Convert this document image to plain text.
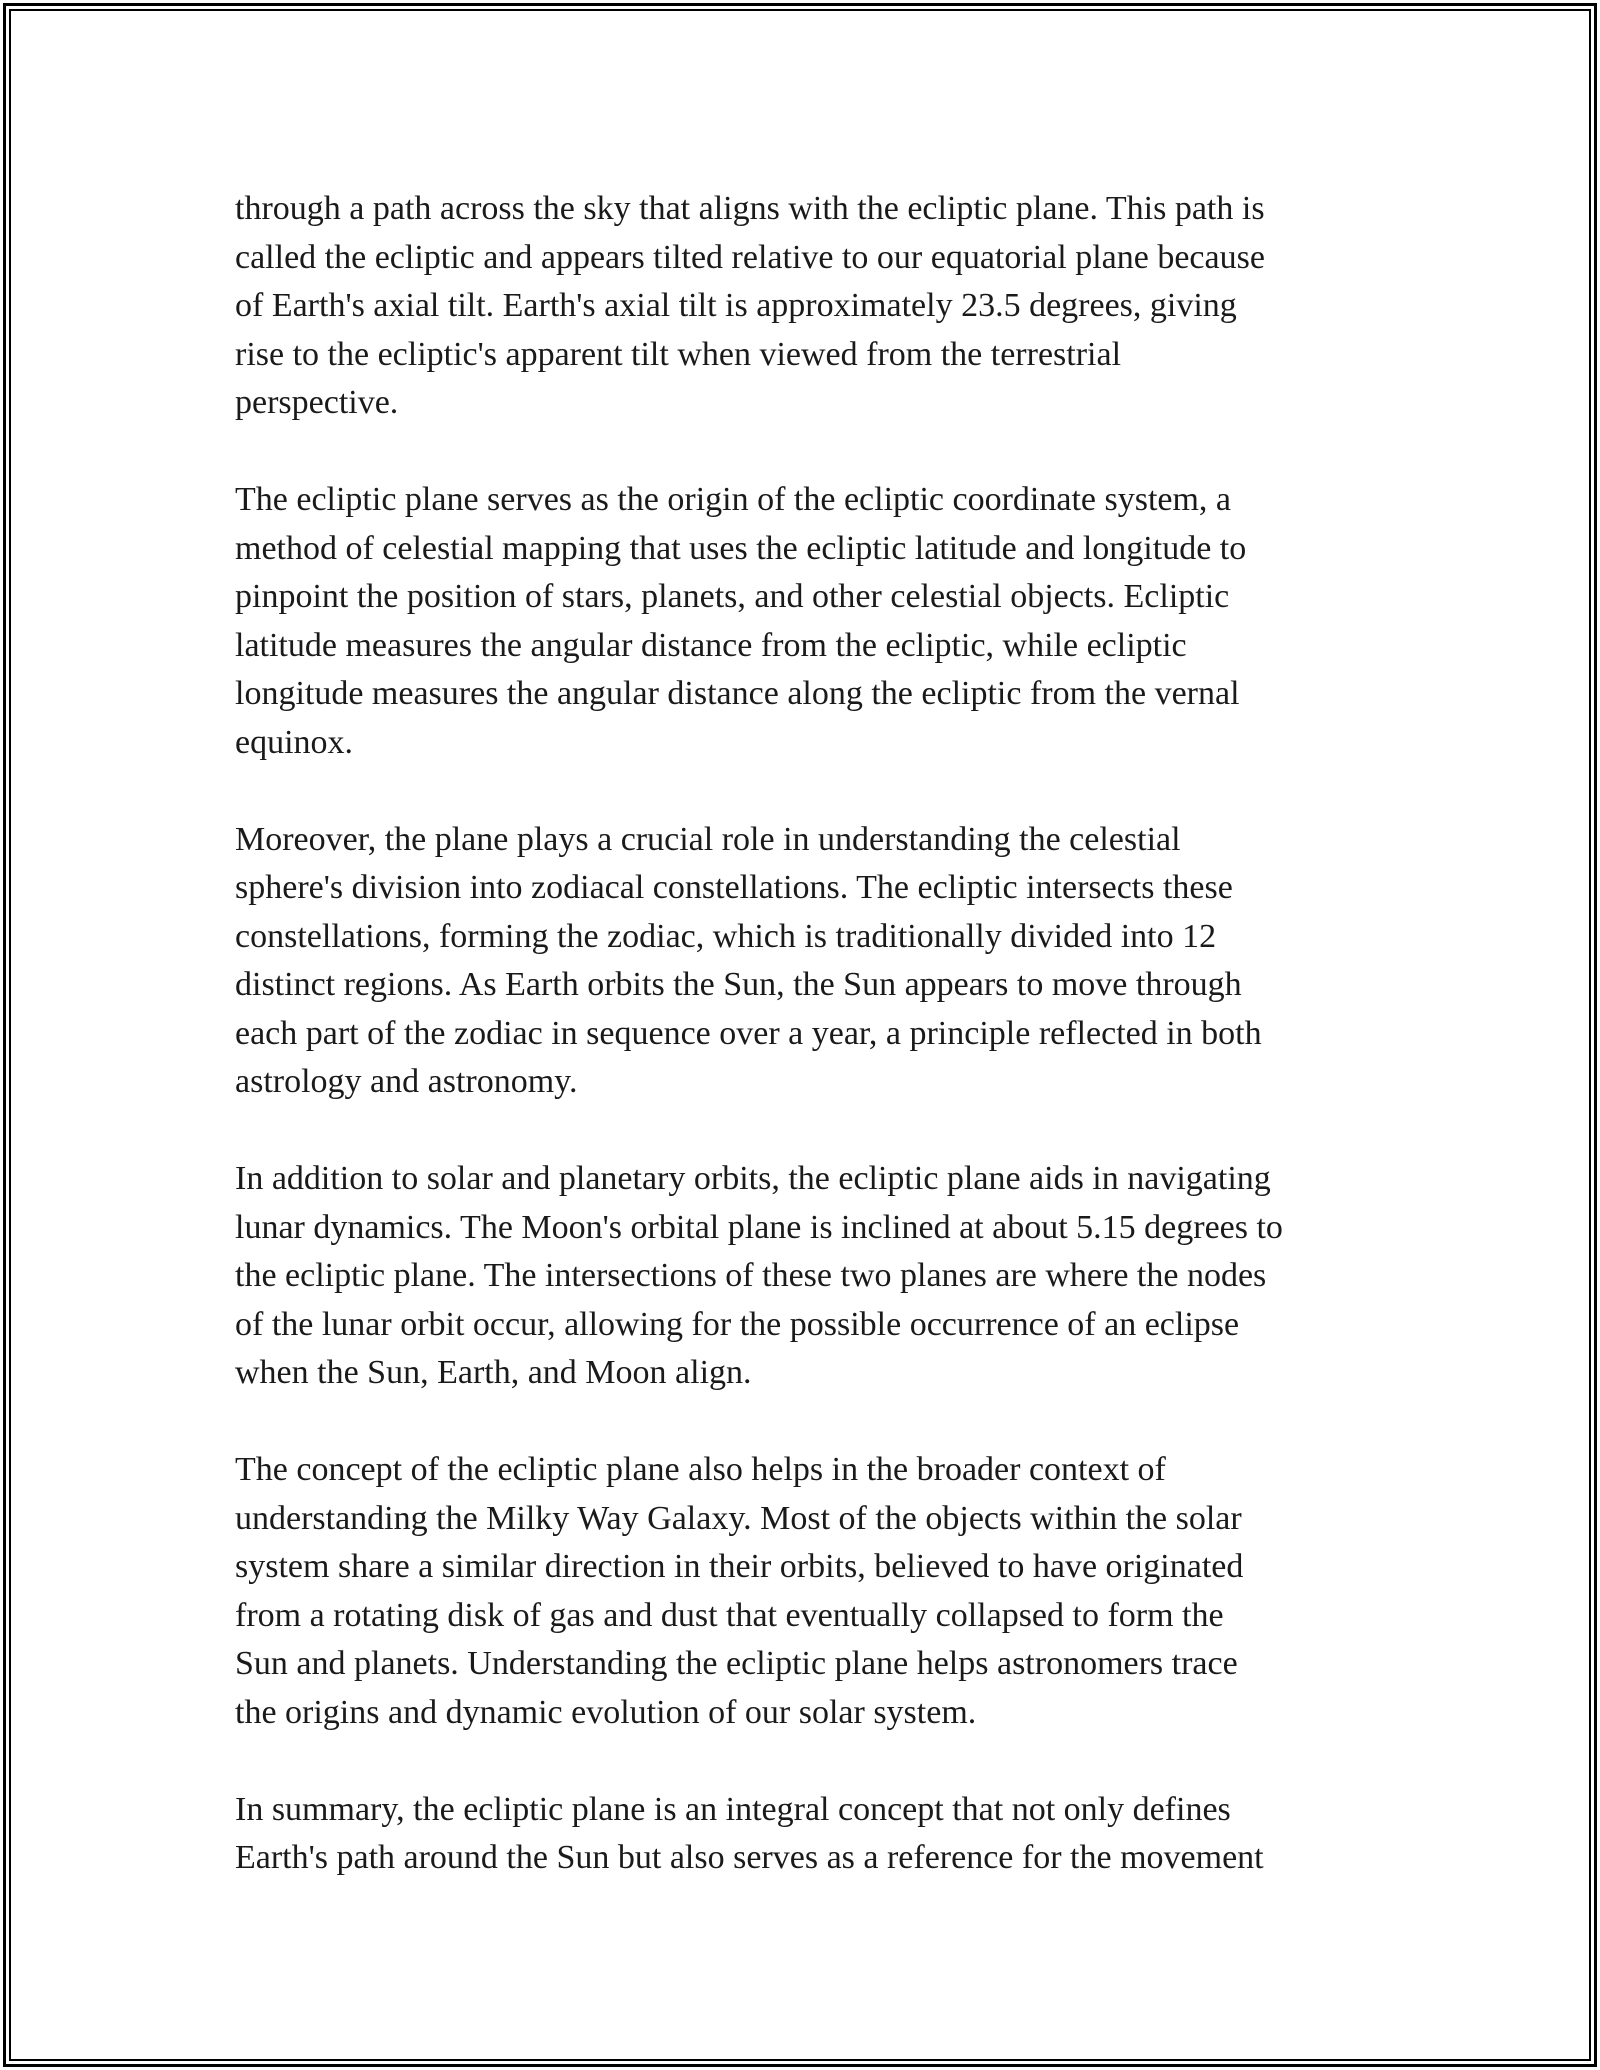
through a path across the sky that aligns with the ecliptic plane. This path is
called the ecliptic and appears tilted relative to our equatorial plane because
of Earth's axial tilt. Earth's axial tilt is approximately 23.5 degrees, giving
rise to the ecliptic's apparent tilt when viewed from the terrestrial
perspective.

The ecliptic plane serves as the origin of the ecliptic coordinate system, a
method of celestial mapping that uses the ecliptic latitude and longitude to
pinpoint the position of stars, planets, and other celestial objects. Ecliptic
latitude measures the angular distance from the ecliptic, while ecliptic
longitude measures the angular distance along the ecliptic from the vernal
equinox.

Moreover, the plane plays a crucial role in understanding the celestial
sphere's division into zodiacal constellations. The ecliptic intersects these
constellations, forming the zodiac, which is traditionally divided into 12
distinct regions. As Earth orbits the Sun, the Sun appears to move through
each part of the zodiac in sequence over a year, a principle reflected in both
astrology and astronomy.

In addition to solar and planetary orbits, the ecliptic plane aids in navigating
lunar dynamics. The Moon's orbital plane is inclined at about 5.15 degrees to
the ecliptic plane. The intersections of these two planes are where the nodes
of the lunar orbit occur, allowing for the possible occurrence of an eclipse
when the Sun, Earth, and Moon align.

The concept of the ecliptic plane also helps in the broader context of
understanding the Milky Way Galaxy. Most of the objects within the solar
system share a similar direction in their orbits, believed to have originated
from a rotating disk of gas and dust that eventually collapsed to form the
Sun and planets. Understanding the ecliptic plane helps astronomers trace
the origins and dynamic evolution of our solar system.

In summary, the ecliptic plane is an integral concept that not only defines
Earth's path around the Sun but also serves as a reference for the movement
